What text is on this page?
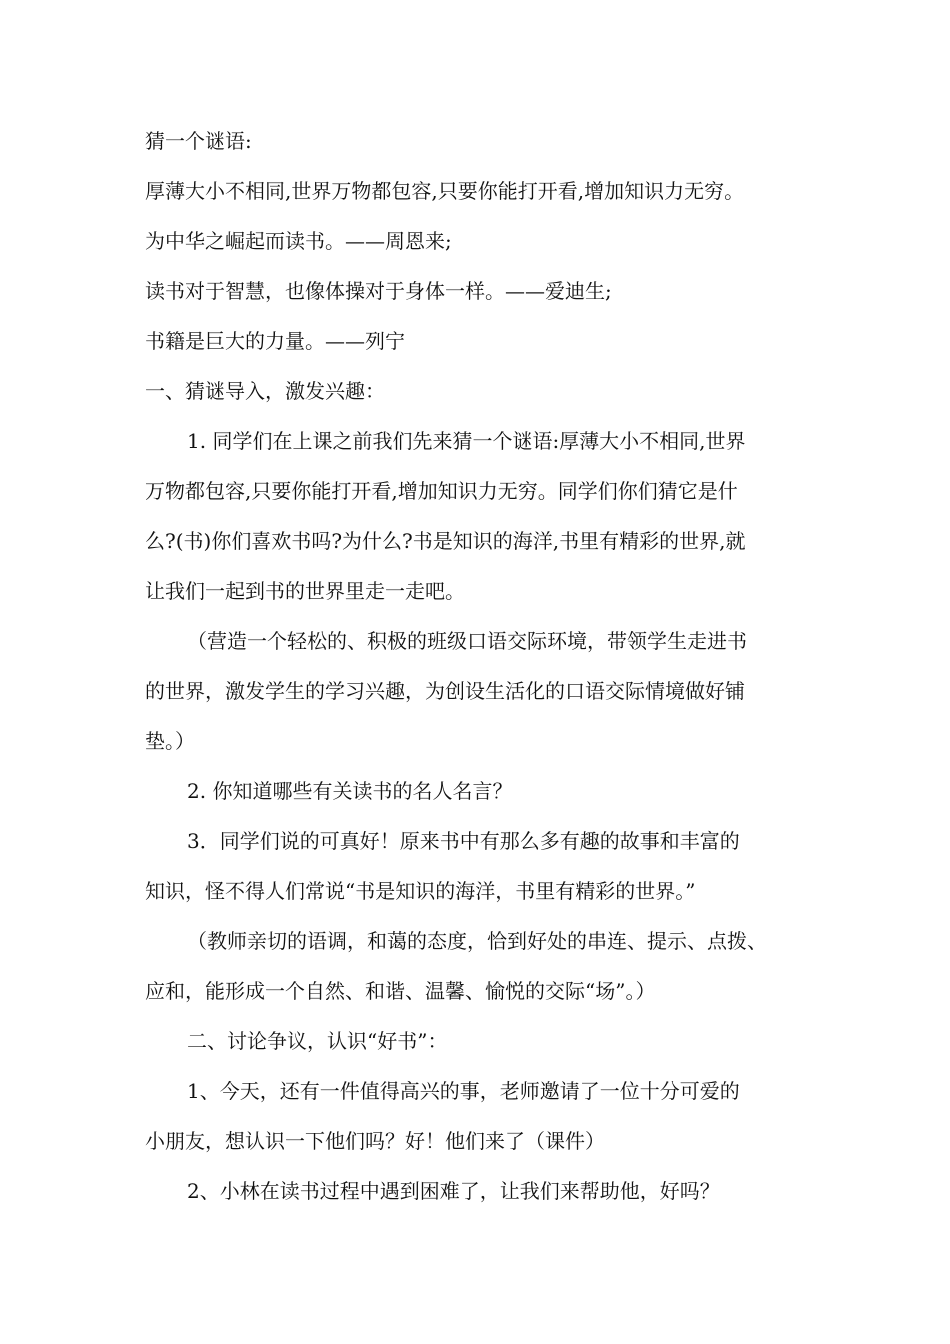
猜一个谜语:
厚薄大小不相同,世界万物都包容,只要你能打开看,增加知识力无穷。
为中华之崛起而读书。——周恩来;
读书对于智慧，也像体操对于身体一样。——爱迪生;
书籍是巨大的力量。——列宁
一、猜谜导入，激发兴趣：
1. 同学们在上课之前我们先来猜一个谜语:厚薄大小不相同,世界
万物都包容,只要你能打开看,增加知识力无穷。同学们你们猜它是什
么?(书)你们喜欢书吗?为什么?书是知识的海洋,书里有精彩的世界,就
让我们一起到书的世界里走一走吧。
（营造一个轻松的、积极的班级口语交际环境，带领学生走进书
的世界，激发学生的学习兴趣，为创设生活化的口语交际情境做好铺
垫。）
2. 你知道哪些有关读书的名人名言？
3．同学们说的可真好！原来书中有那么多有趣的故事和丰富的
知识，怪不得人们常说“书是知识的海洋，书里有精彩的世界。”
（教师亲切的语调，和蔼的态度，恰到好处的串连、提示、点拨、
应和，能形成一个自然、和谐、温馨、愉悦的交际“场”。）
二、讨论争议，认识“好书”：
1、今天，还有一件值得高兴的事，老师邀请了一位十分可爱的
小朋友，想认识一下他们吗？好！他们来了（课件）
2、小林在读书过程中遇到困难了，让我们来帮助他，好吗？
